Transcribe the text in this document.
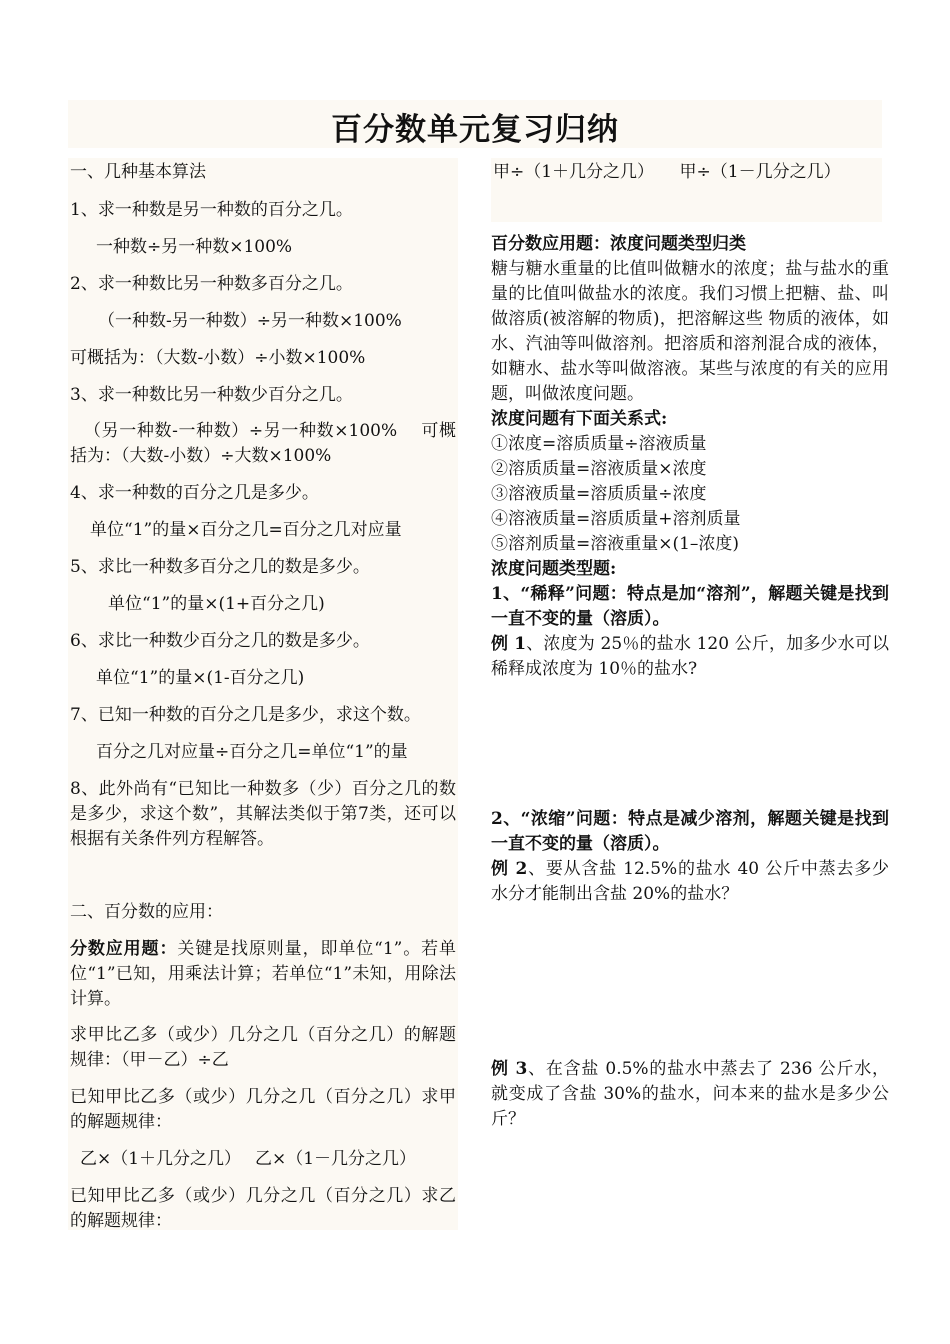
百分数单元复习归纳
一、几种基本算法
1、求一种数是另一种数的百分之几。
一种数÷另一种数×100%
2、求一种数比另一种数多百分之几。
（一种数-另一种数）÷另一种数×100%
可概括为：（大数-小数）÷小数×100%
3、求一种数比另一种数少百分之几。
（另一种数-一种数）÷另一种数×100%　 可概括为：（大数-小数）÷大数×100%
4、求一种数的百分之几是多少。
单位“1”的量×百分之几=百分之几对应量
5、求比一种数多百分之几的数是多少。
单位“1”的量×(1+百分之几)
6、求比一种数少百分之几的数是多少。
单位“1”的量×(1-百分之几)
7、已知一种数的百分之几是多少，求这个数。
百分之几对应量÷百分之几=单位“1”的量
8、此外尚有“已知比一种数多（少）百分之几的数是多少，求这个数”，其解法类似于第7类，还可以根据有关条件列方程解答。
二、百分数的应用：
分数应用题：关键是找原则量，即单位“1”。若单位“1”已知，用乘法计算；若单位“1”未知，用除法计算。
求甲比乙多（或少）几分之几（百分之几）的解题规律：（甲－乙）÷乙
已知甲比乙多（或少）几分之几（百分之几）求甲的解题规律：
乙×（1＋几分之几）　 乙×（1－几分之几）
已知甲比乙多（或少）几分之几（百分之几）求乙的解题规律：
甲÷（1＋几分之几）　　甲÷（1－几分之几）

百分数应用题：浓度问题类型归类

糖与糖水重量的比值叫做糖水的浓度；盐与盐水的重量的比值叫做盐水的浓度。我们习惯上把糖、盐、叫做溶质(被溶解的物质)，把溶解这些 物质的液体，如水、汽油等叫做溶剂。把溶质和溶剂混合成的液体，如糖水、盐水等叫做溶液。某些与浓度的有关的应用题，叫做浓度问题。

浓度问题有下面关系式:

①浓度=溶质质量÷溶液质量

②溶质质量=溶液质量×浓度

③溶液质量=溶质质量÷浓度

④溶液质量=溶质质量+溶剂质量

⑤溶剂质量=溶液重量×(1–浓度)

浓度问题类型题:

1、“稀释”问题：特点是加“溶剂”，解题关键是找到一直不变的量（溶质）。

例 1、浓度为 25％的盐水 120 公斤，加多少水可以稀释成浓度为 10％的盐水?

2、“浓缩”问题：特点是减少溶剂，解题关键是找到一直不变的量（溶质）。

例 2、要从含盐 12.5%的盐水 40 公斤中蒸去多少水分才能制出含盐 20%的盐水？

例 3、在含盐 0.5%的盐水中蒸去了 236 公斤水，就变成了含盐 30%的盐水，问本来的盐水是多少公斤？
